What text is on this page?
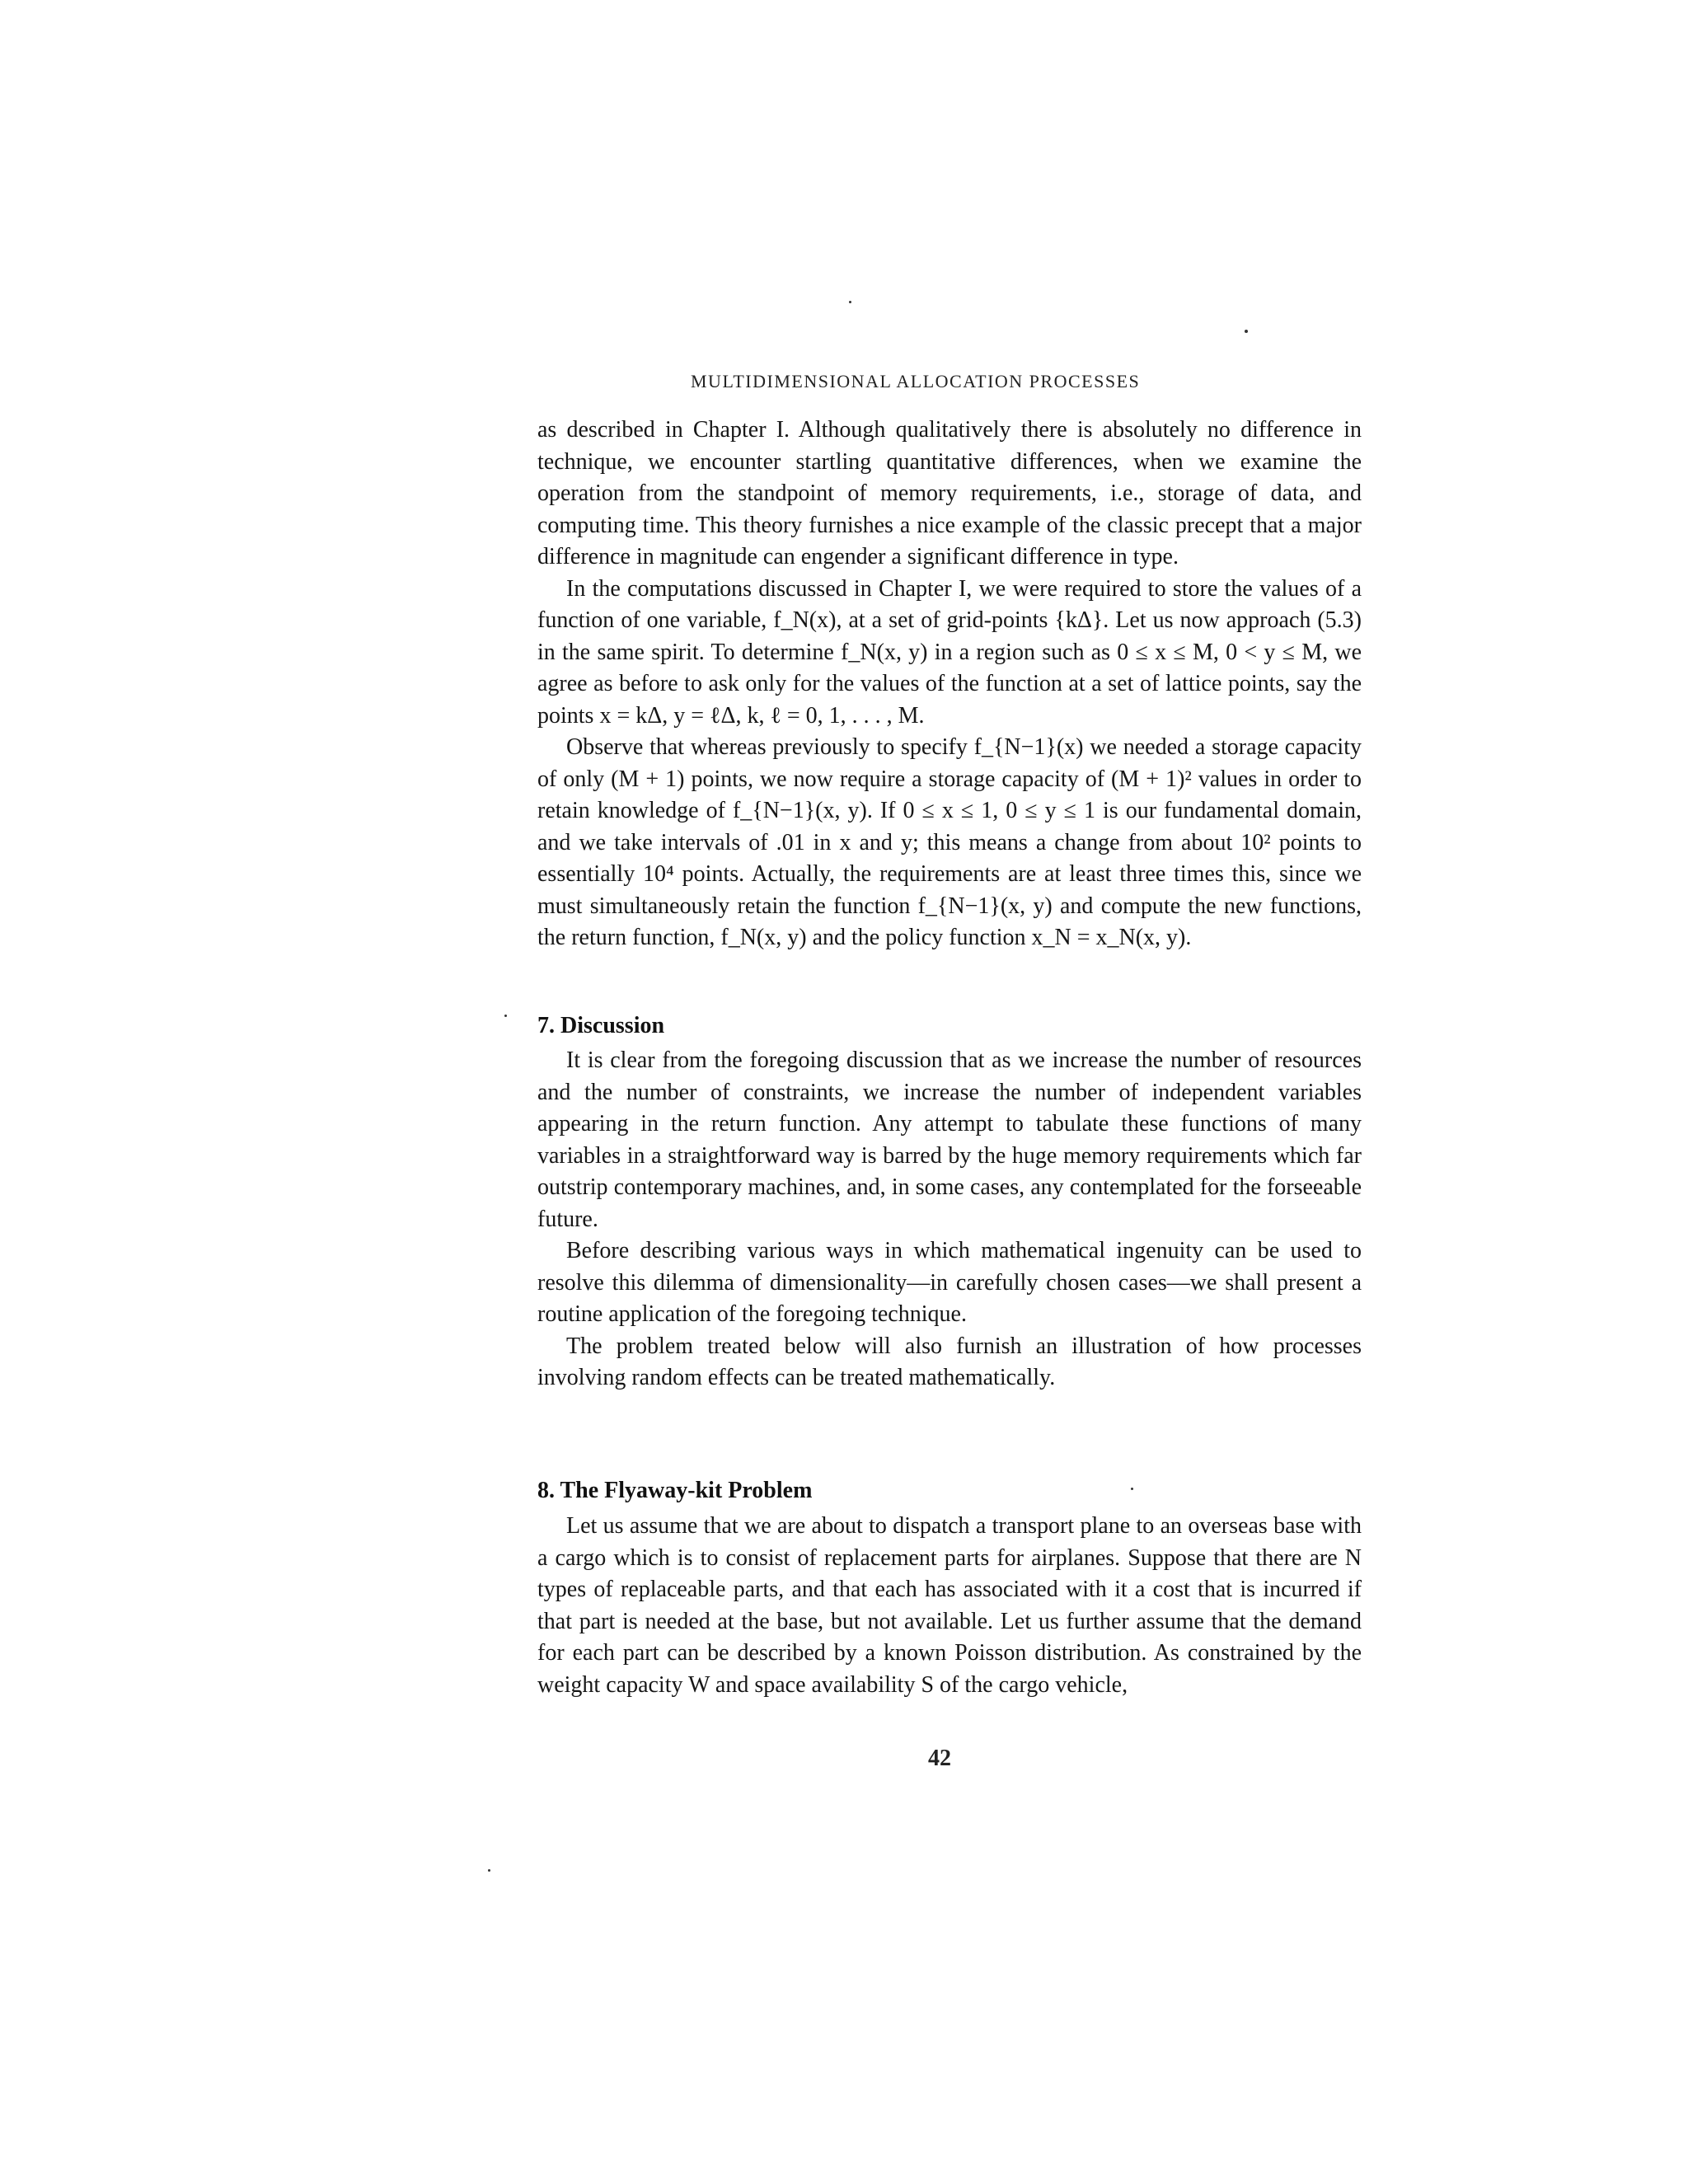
MULTIDIMENSIONAL ALLOCATION PROCESSES

as described in Chapter I. Although qualitatively there is absolutely no difference in technique, we encounter startling quantitative differences, when we examine the operation from the standpoint of memory requirements, i.e., storage of data, and computing time. This theory furnishes a nice example of the classic precept that a major difference in magnitude can engender a significant difference in type.

In the computations discussed in Chapter I, we were required to store the values of a function of one variable, f_N(x), at a set of grid-points {kΔ}. Let us now approach (5.3) in the same spirit. To determine f_N(x, y) in a region such as 0 ≤ x ≤ M, 0 < y ≤ M, we agree as before to ask only for the values of the function at a set of lattice points, say the points x = kΔ, y = ℓΔ, k, ℓ = 0, 1, . . . , M.

Observe that whereas previously to specify f_{N−1}(x) we needed a storage capacity of only (M + 1) points, we now require a storage capacity of (M + 1)² values in order to retain knowledge of f_{N−1}(x, y). If 0 ≤ x ≤ 1, 0 ≤ y ≤ 1 is our fundamental domain, and we take intervals of .01 in x and y; this means a change from about 10² points to essentially 10⁴ points. Actually, the requirements are at least three times this, since we must simultaneously retain the function f_{N−1}(x, y) and compute the new functions, the return function, f_N(x, y) and the policy function x_N = x_N(x, y).

7. Discussion

It is clear from the foregoing discussion that as we increase the number of resources and the number of constraints, we increase the number of independent variables appearing in the return function. Any attempt to tabulate these functions of many variables in a straightforward way is barred by the huge memory requirements which far outstrip contemporary machines, and, in some cases, any contemplated for the forseeable future.

Before describing various ways in which mathematical ingenuity can be used to resolve this dilemma of dimensionality—in carefully chosen cases—we shall present a routine application of the foregoing technique.

The problem treated below will also furnish an illustration of how processes involving random effects can be treated mathematically.

8. The Flyaway-kit Problem

Let us assume that we are about to dispatch a transport plane to an overseas base with a cargo which is to consist of replacement parts for airplanes. Suppose that there are N types of replaceable parts, and that each has associated with it a cost that is incurred if that part is needed at the base, but not available. Let us further assume that the demand for each part can be described by a known Poisson distribution. As constrained by the weight capacity W and space availability S of the cargo vehicle,

42
